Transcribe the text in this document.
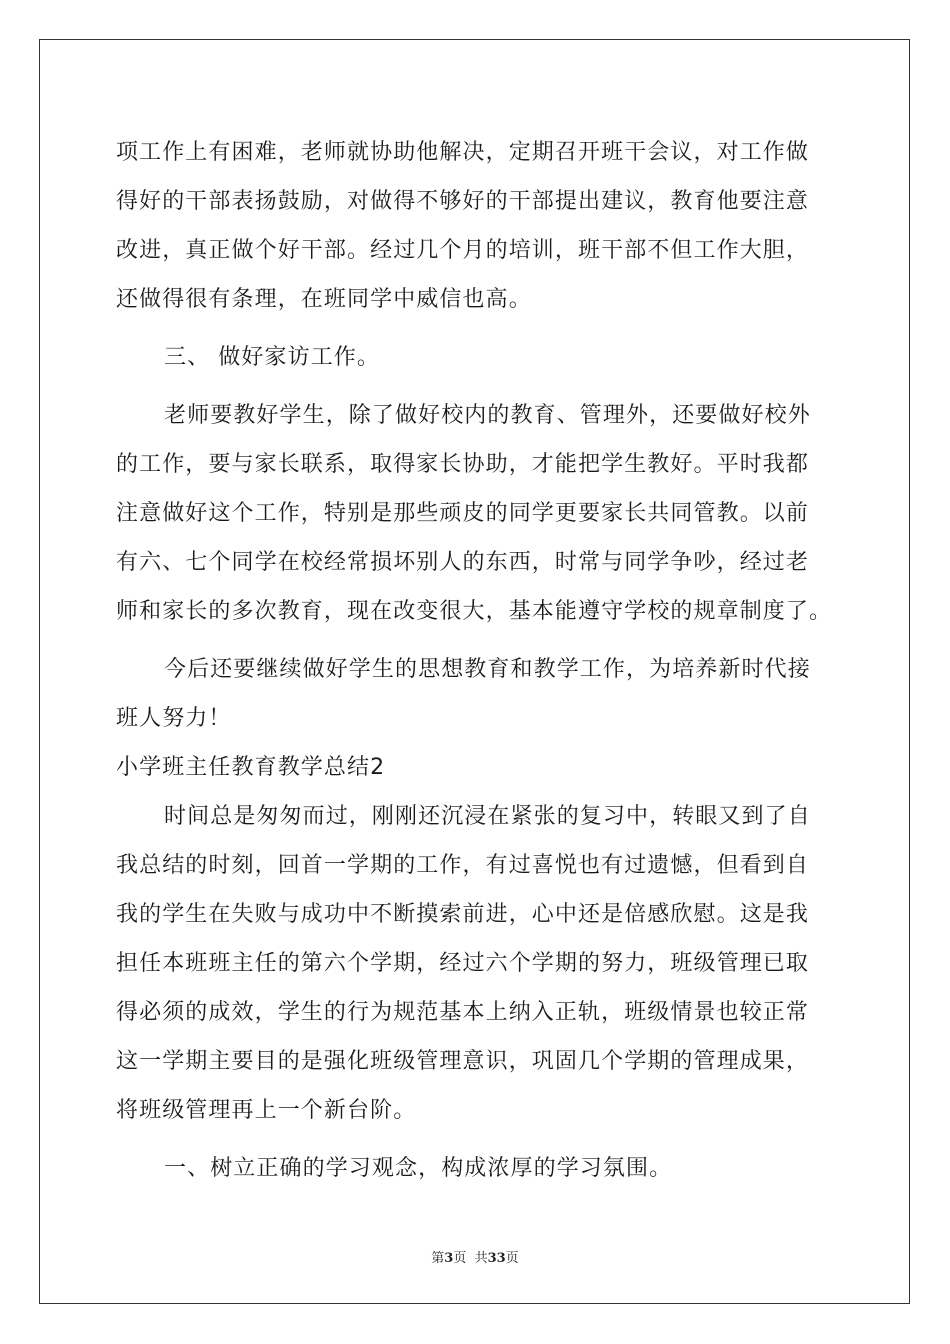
项工作上有困难，老师就协助他解决，定期召开班干会议，对工作做
得好的干部表扬鼓励，对做得不够好的干部提出建议，教育他要注意
改进，真正做个好干部。经过几个月的培训，班干部不但工作大胆，
还做得很有条理，在班同学中威信也高。
三、 做好家访工作。
老师要教好学生，除了做好校内的教育、管理外，还要做好校外
的工作，要与家长联系，取得家长协助，才能把学生教好。平时我都
注意做好这个工作，特别是那些顽皮的同学更要家长共同管教。以前
有六、七个同学在校经常损坏别人的东西，时常与同学争吵，经过老
师和家长的多次教育，现在改变很大，基本能遵守学校的规章制度了。
今后还要继续做好学生的思想教育和教学工作，为培养新时代接
班人努力！
小学班主任教育教学总结2
时间总是匆匆而过，刚刚还沉浸在紧张的复习中，转眼又到了自
我总结的时刻，回首一学期的工作，有过喜悦也有过遗憾，但看到自
我的学生在失败与成功中不断摸索前进，心中还是倍感欣慰。这是我
担任本班班主任的第六个学期，经过六个学期的努力，班级管理已取
得必须的成效，学生的行为规范基本上纳入正轨，班级情景也较正常
这一学期主要目的是强化班级管理意识，巩固几个学期的管理成果，
将班级管理再上一个新台阶。
一、树立正确的学习观念，构成浓厚的学习氛围。
第3页  共33页
